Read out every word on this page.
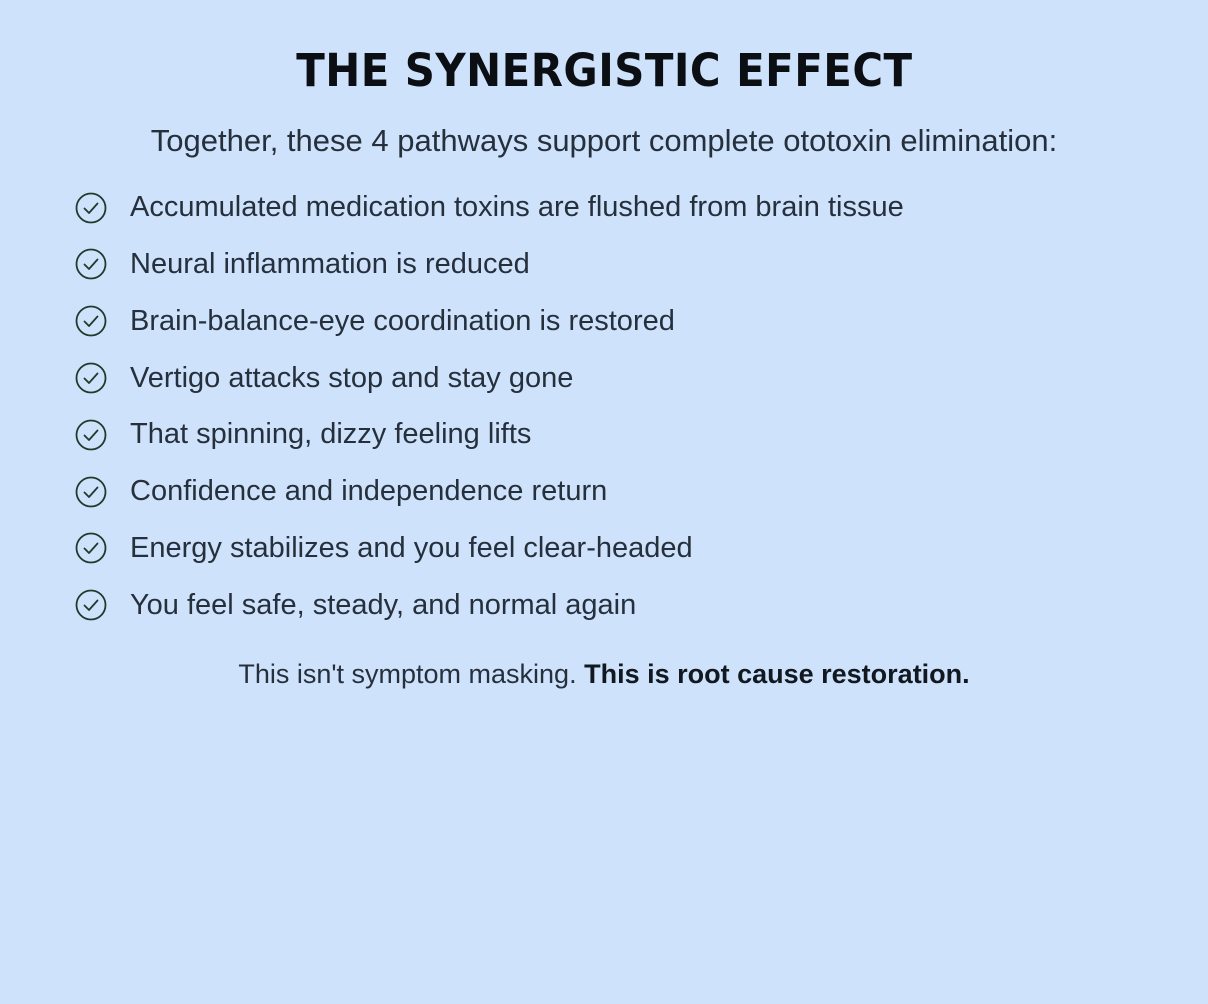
THE SYNERGISTIC EFFECT

Together, these 4 pathways support complete ototoxin elimination:

Accumulated medication toxins are flushed from brain tissue
Neural inflammation is reduced
Brain-balance-eye coordination is restored
Vertigo attacks stop and stay gone
That spinning, dizzy feeling lifts
Confidence and independence return
Energy stabilizes and you feel clear-headed
You feel safe, steady, and normal again

This isn't symptom masking. This is root cause restoration.
